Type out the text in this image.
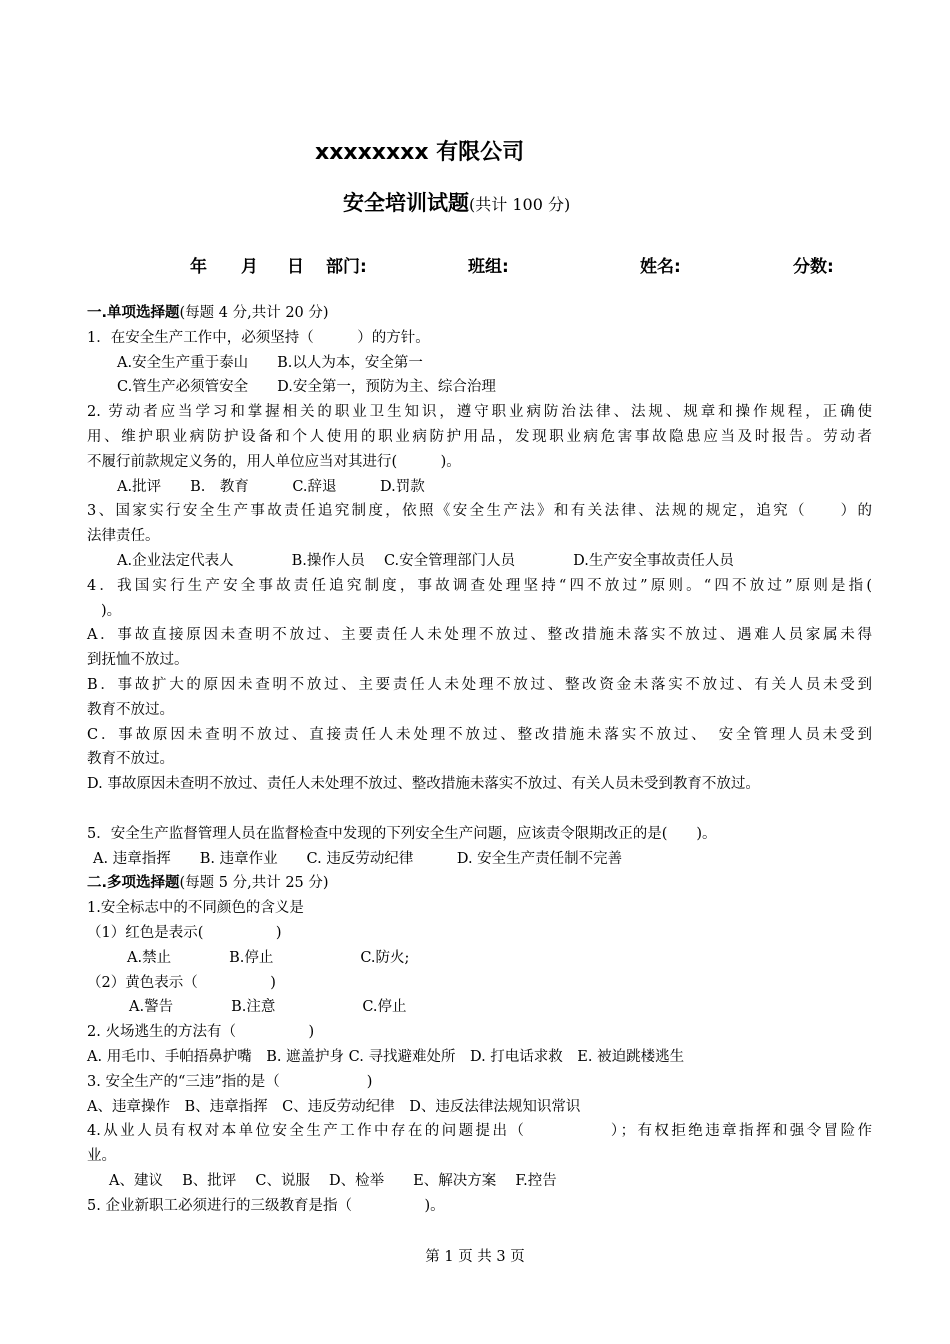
xxxxxxxx 有限公司
安全培训试题(共计 100 分)
年 月 日 部门:	班组:	姓名:	分数:
一.单项选择题(每题 4 分,共计 20 分)
1．在安全生产工作中，必须坚持（　　　）的方针。
A.安全生产重于泰山　　B.以人为本，安全第一
C.管生产必须管安全　　D.安全第一，预防为主、综合治理
2. 劳动者应当学习和掌握相关的职业卫生知识，遵守职业病防治法律、法规、规章和操作规程，正确使
用、维护职业病防护设备和个人使用的职业病防护用品，发现职业病危害事故隐患应当及时报告。劳动者
不履行前款规定义务的，用人单位应当对其进行(　　　)。
A.批评　　B.　教育　　　C.辞退　　　D.罚款
3、国家实行安全生产事故责任追究制度，依照《安全生产法》和有关法律、法规的规定，追究（　　）的
法律责任。
A.企业法定代表人　　　　B.操作人员　 C.安全管理部门人员　　　　D.生产安全事故责任人员
4．我国实行生产安全事故责任追究制度，事故调查处理坚持“四不放过”原则。“四不放过”原则是指(
)。
A．事故直接原因未查明不放过、主要责任人未处理不放过、整改措施未落实不放过、遇难人员家属未得
到抚恤不放过。
B．事故扩大的原因未查明不放过、主要责任人未处理不放过、整改资金未落实不放过、有关人员未受到
教育不放过。
C．事故原因未查明不放过、直接责任人未处理不放过、整改措施未落实不放过、　安全管理人员未受到
教育不放过。
D. 事故原因未查明不放过、责任人未处理不放过、整改措施未落实不放过、有关人员未受到教育不放过。
5．安全生产监督管理人员在监督检查中发现的下列安全生产问题，应该责令限期改正的是(　　)。
A. 违章指挥　　B. 违章作业　　C. 违反劳动纪律　　　D. 安全生产责任制不完善
二.多项选择题(每题 5 分,共计 25 分)
1.安全标志中的不同颜色的含义是
（1）红色是表示(　　　　　)
A.禁止　　　　B.停止　　　　　　C.防火;
（2）黄色表示（　　　　　)
A.警告　　　　B.注意　　　　　　C.停止
2. 火场逃生的方法有（　　　　　)
A. 用毛巾、手帕捂鼻护嘴　B. 遮盖护身 C. 寻找避难处所　D. 打电话求救　E. 被迫跳楼逃生
3. 安全生产的“三违”指的是（　　　　　　)
A、违章操作　B、违章指挥　C、违反劳动纪律　D、违反法律法规知识常识
4.从业人员有权对本单位安全生产工作中存在的问题提出（　　　　　）；有权拒绝违章指挥和强令冒险作
业。
A、建议　 B、批评　 C、说服　 D、检举　　E、解决方案　 F.控告
5. 企业新职工必须进行的三级教育是指（　　　　　)。
第 1 页 共 3 页
